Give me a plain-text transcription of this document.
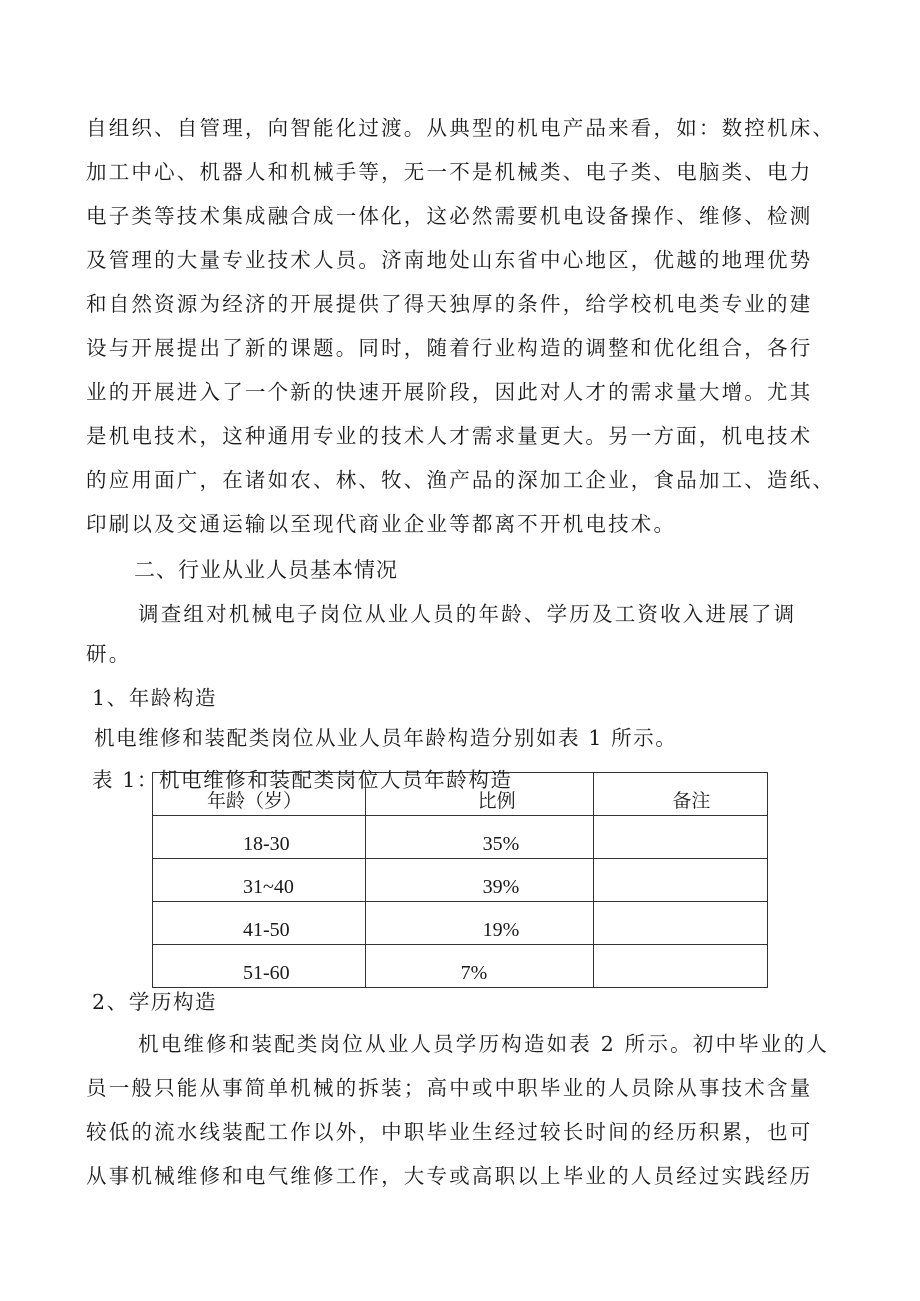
自组织、自管理，向智能化过渡。从典型的机电产品来看，如：数控机床、
加工中心、机器人和机械手等，无一不是机械类、电子类、电脑类、电力
电子类等技术集成融合成一体化，这必然需要机电设备操作、维修、检测
及管理的大量专业技术人员。济南地处山东省中心地区，优越的地理优势
和自然资源为经济的开展提供了得天独厚的条件，给学校机电类专业的建
设与开展提出了新的课题。同时，随着行业构造的调整和优化组合，各行
业的开展进入了一个新的快速开展阶段，因此对人才的需求量大增。尤其
是机电技术，这种通用专业的技术人才需求量更大。另一方面，机电技术
的应用面广，在诸如农、林、牧、渔产品的深加工企业，食品加工、造纸、
印刷以及交通运输以至现代商业企业等都离不开机电技术。
二、行业从业人员基本情况
调查组对机械电子岗位从业人员的年龄、学历及工资收入进展了调
研。
1、年龄构造
机电维修和装配类岗位从业人员年龄构造分别如表 1 所示。
表 1：机电维修和装配类岗位人员年龄构造
年龄（岁）	比例	备注
18-30	35%	
31~40	39%	
41-50	19%	
51-60	7%	
2、学历构造
机电维修和装配类岗位从业人员学历构造如表 2 所示。初中毕业的人
员一般只能从事简单机械的拆装；高中或中职毕业的人员除从事技术含量
较低的流水线装配工作以外，中职毕业生经过较长时间的经历积累，也可
从事机械维修和电气维修工作，大专或高职以上毕业的人员经过实践经历
